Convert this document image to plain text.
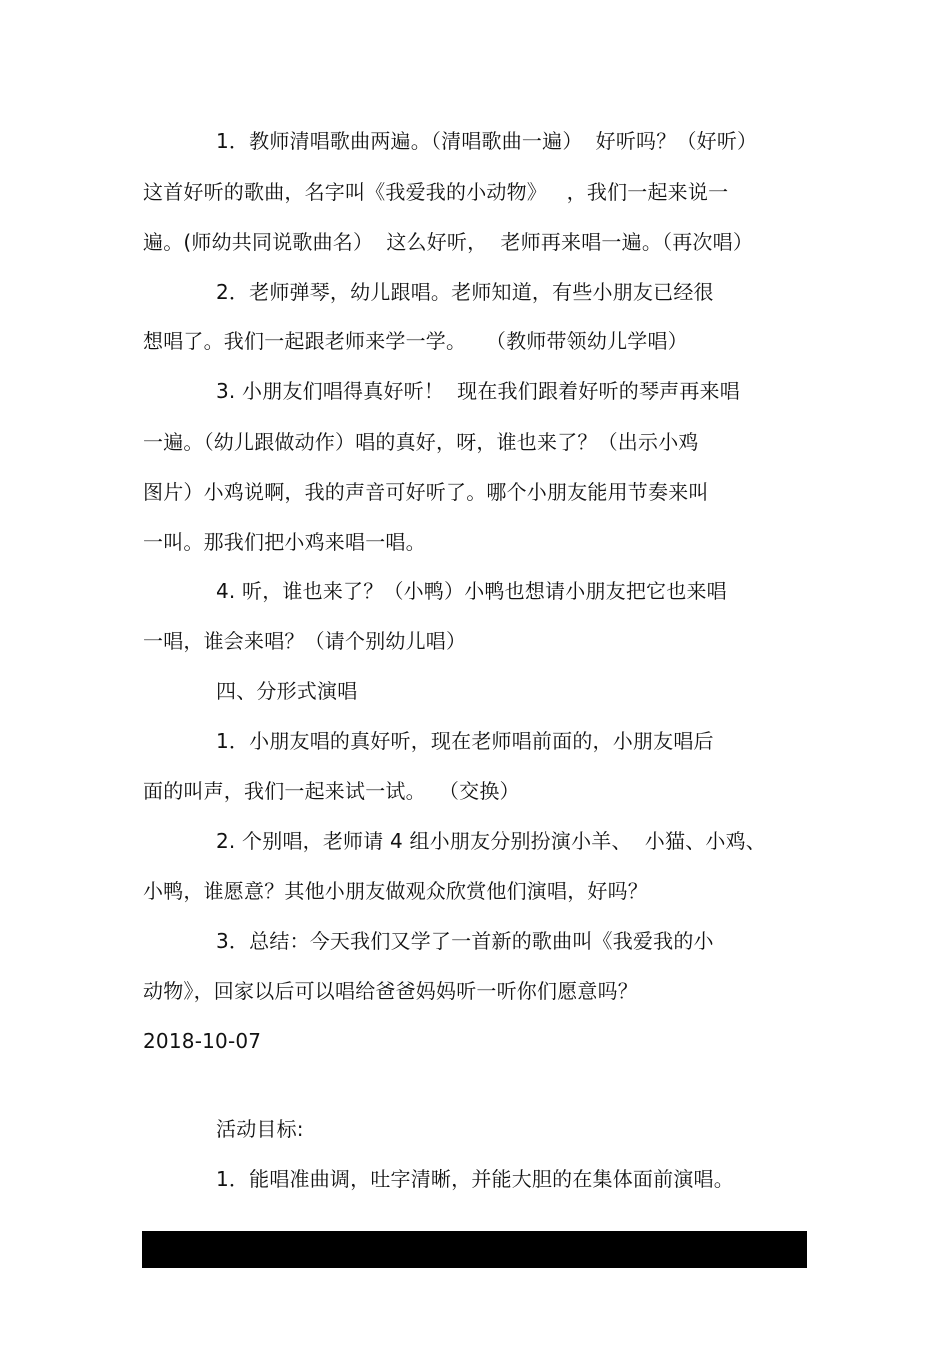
1．教师清唱歌曲两遍。（清唱歌曲一遍）  好听吗？（好听）
这首好听的歌曲，名字叫《我爱我的小动物》   ，我们一起来说一
遍。(师幼共同说歌曲名）  这么好听，  老师再来唱一遍。（再次唱）
2．老师弹琴，幼儿跟唱。老师知道，有些小朋友已经很
想唱了。我们一起跟老师来学一学。   （教师带领幼儿学唱）
3. 小朋友们唱得真好听！  现在我们跟着好听的琴声再来唱
一遍。（幼儿跟做动作）唱的真好，呀，谁也来了？（出示小鸡
图片）小鸡说啊，我的声音可好听了。哪个小朋友能用节奏来叫
一叫。那我们把小鸡来唱一唱。
4. 听，谁也来了？（小鸭）小鸭也想请小朋友把它也来唱
一唱，谁会来唱？（请个别幼儿唱）
四、分形式演唱
1．小朋友唱的真好听，现在老师唱前面的，小朋友唱后
面的叫声，我们一起来试一试。  （交换）
2. 个别唱，老师请 4 组小朋友分别扮演小羊、  小猫、小鸡、
小鸭，谁愿意？其他小朋友做观众欣赏他们演唱，好吗？
3．总结：今天我们又学了一首新的歌曲叫《我爱我的小
动物》，回家以后可以唱给爸爸妈妈听一听你们愿意吗？
2018-10-07
活动目标:
1．能唱准曲调，吐字清晰，并能大胆的在集体面前演唱。
